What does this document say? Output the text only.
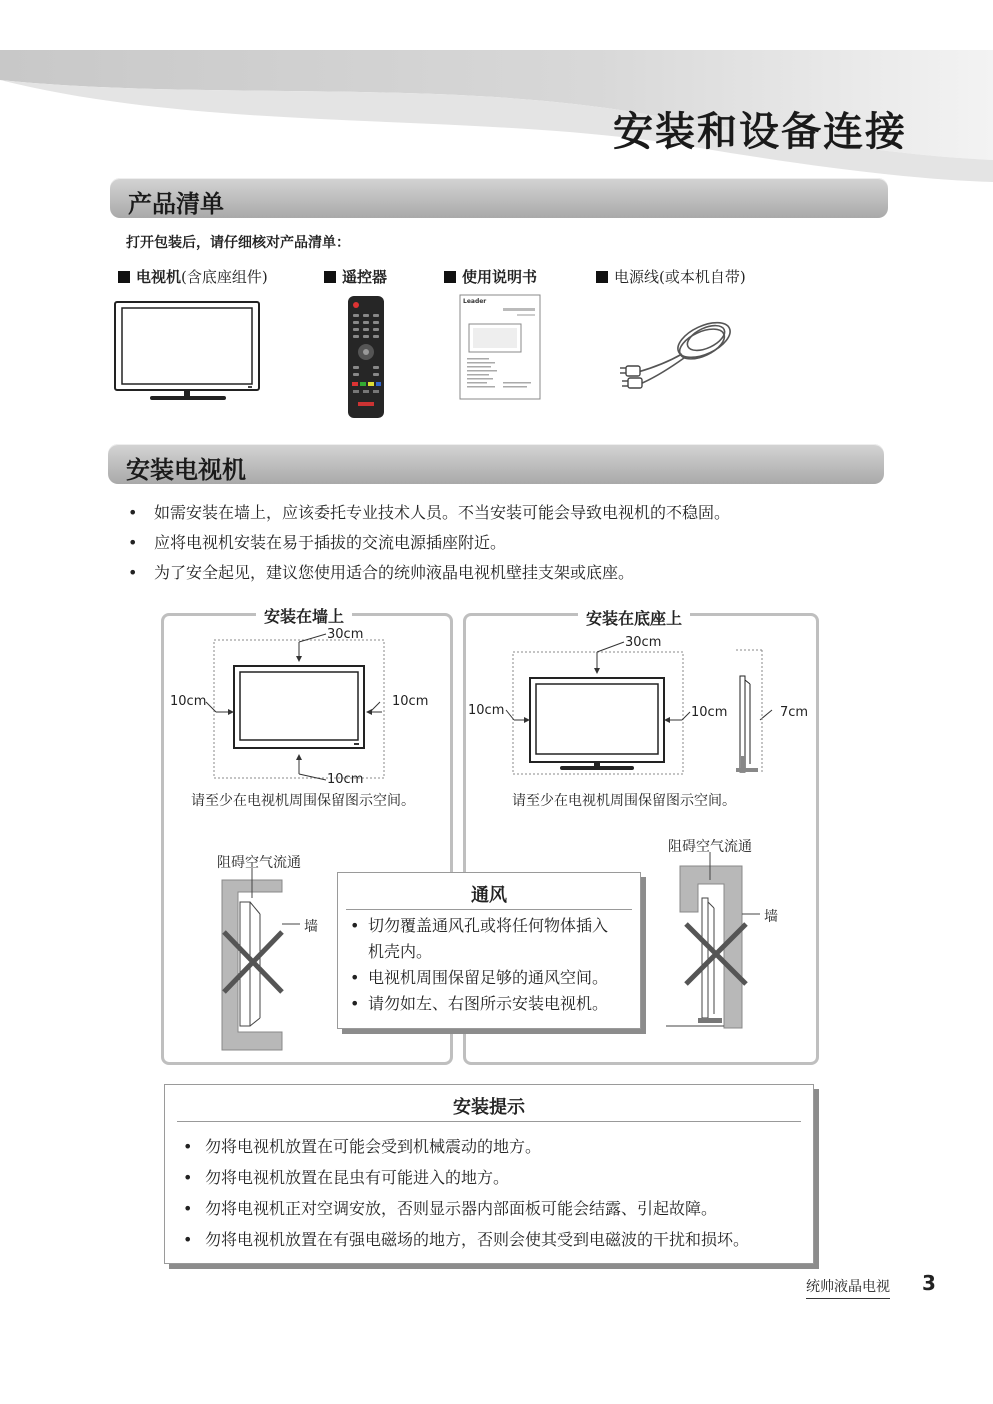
安装和设备连接
产品清单
打开包装后，请仔细核对产品清单：
电视机(含底座组件)	遥控器	使用说明书	电源线(或本机自带)
Leader
安装电视机
• 如需安装在墙上，应该委托专业技术人员。不当安装可能会导致电视机的不稳固。
• 应将电视机安装在易于插拔的交流电源插座附近。
• 为了安全起见，建议您使用适合的统帅液晶电视机壁挂支架或底座。
安装在墙上
30cm
10cm	10cm
10cm
请至少在电视机周围保留图示空间。
阻碍空气流通
墙
安装在底座上
30cm
10cm	10cm	7cm
请至少在电视机周围保留图示空间。
阻碍空气流通
墙
通风
• 切勿覆盖通风孔或将任何物体插入
机壳内。
• 电视机周围保留足够的通风空间。
• 请勿如左、右图所示安装电视机。
安装提示
• 勿将电视机放置在可能会受到机械震动的地方。
• 勿将电视机放置在昆虫有可能进入的地方。
• 勿将电视机正对空调安放，否则显示器内部面板可能会结露、引起故障。
• 勿将电视机放置在有强电磁场的地方，否则会使其受到电磁波的干扰和损坏。
统帅液晶电视 3
